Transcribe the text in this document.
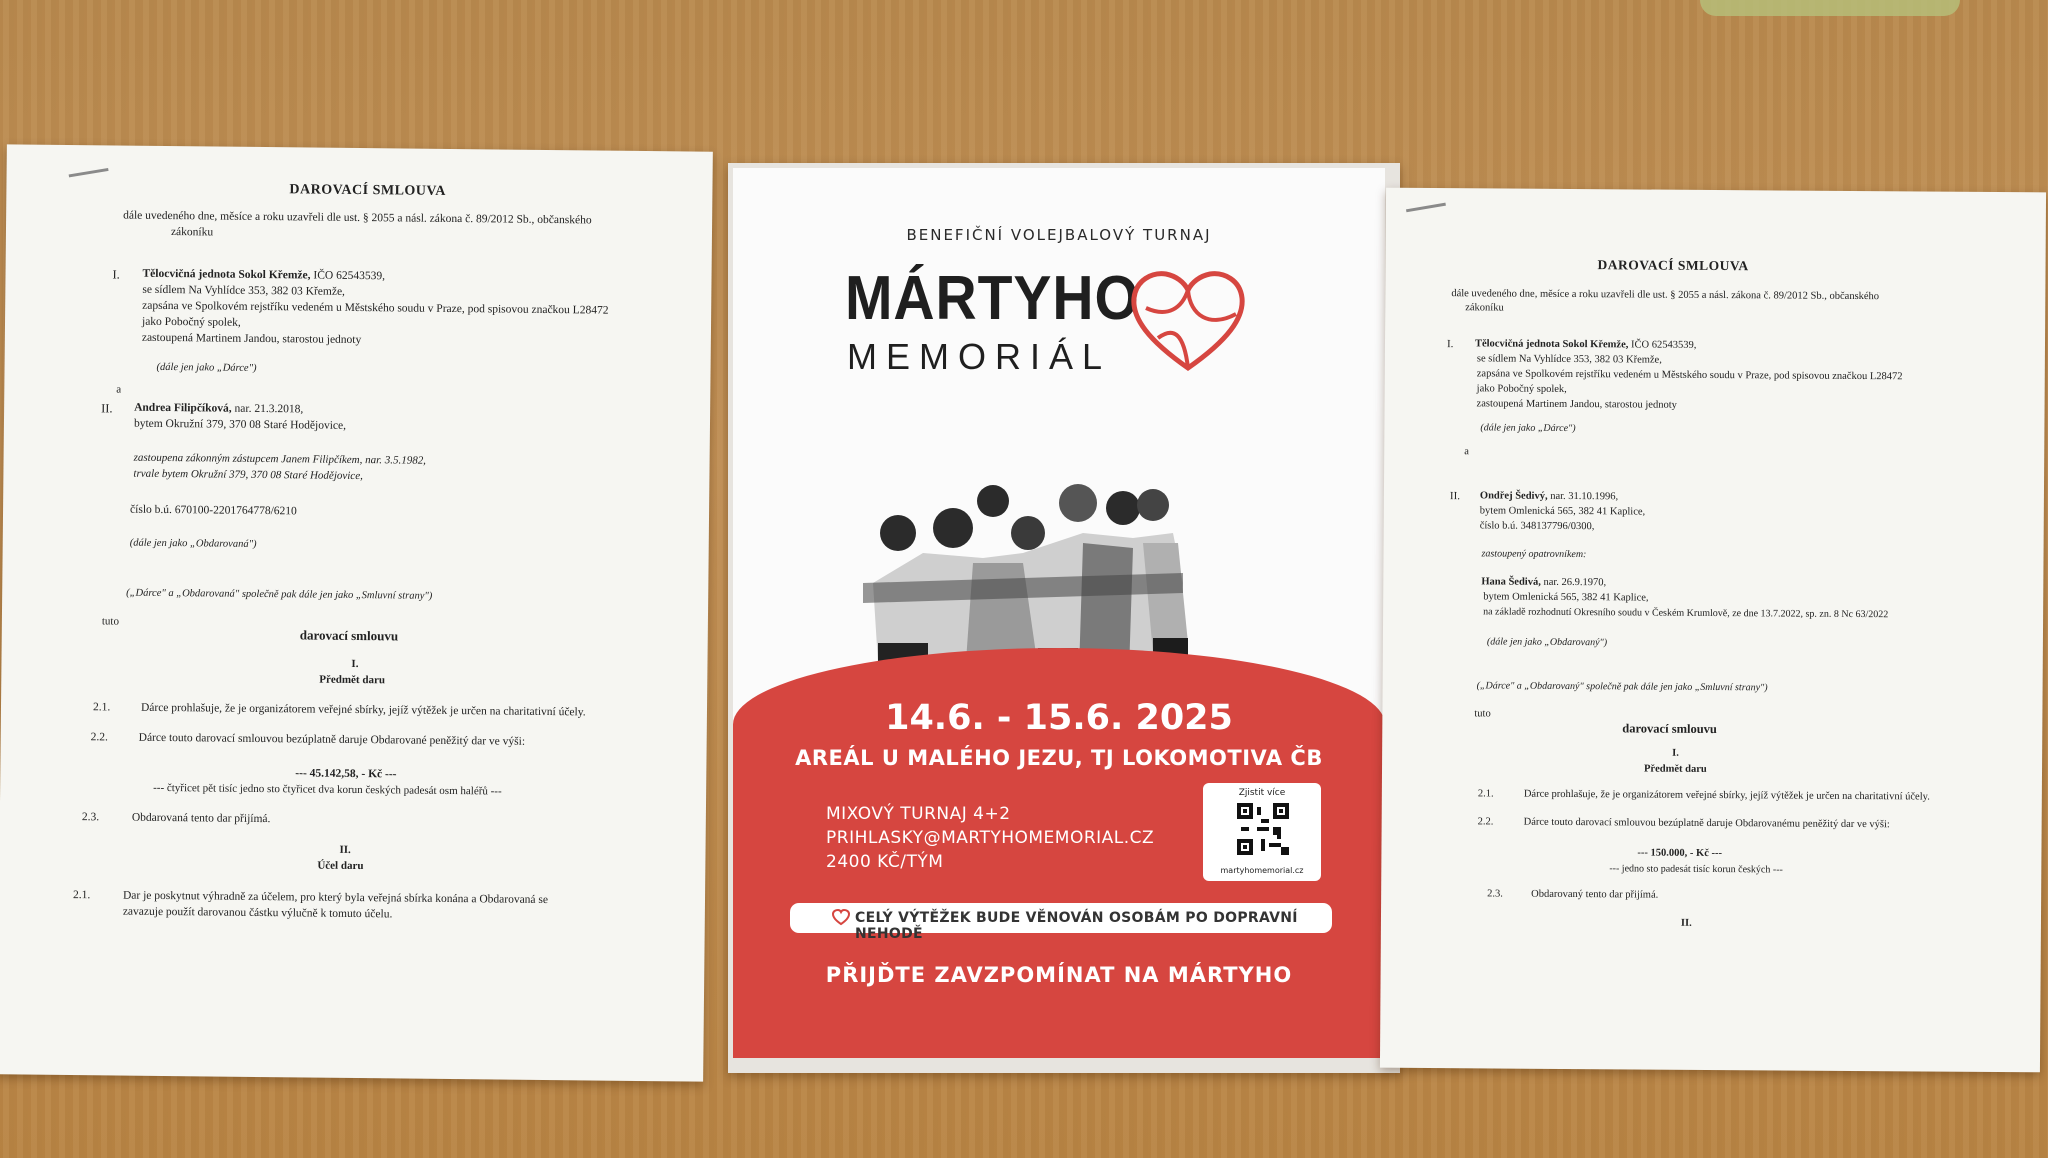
DAROVACÍ SMLOUVA
dále uvedeného dne, měsíce a roku uzavřeli dle ust. § 2055 a násl. zákona č. 89/2012 Sb., občanského
zákoníku
I. Tělocvičná jednota Sokol Křemže, IČO 62543539,
se sídlem Na Vyhlídce 353, 382 03 Křemže,
zapsána ve Spolkovém rejstříku vedeném u Městského soudu v Praze, pod spisovou značkou L28472
jako Pobočný spolek,
zastoupená Martinem Jandou, starostou jednoty
(dále jen jako „Dárce")
a
II. Andrea Filipčíková, nar. 21.3.2018,
bytem Okružní 379, 370 08 Staré Hodějovice,
zastoupena zákonným zástupcem Janem Filipčíkem, nar. 3.5.1982,
trvale bytem Okružní 379, 370 08 Staré Hodějovice,
číslo b.ú. 670100-2201764778/6210
(dále jen jako „Obdarovaná")
(„Dárce" a „Obdarovaná" společně pak dále jen jako „Smluvní strany")
tuto
darovací smlouvu
I.
Předmět daru
2.1.	Dárce prohlašuje, že je organizátorem veřejné sbírky, jejíž výtěžek je určen na charitativní účely.
2.2.	Dárce touto darovací smlouvou bezúplatně daruje Obdarované peněžitý dar ve výši:
--- 45.142,58, - Kč ---
--- čtyřicet pět tisíc jedno sto čtyřicet dva korun českých padesát osm haléřů ---
2.3.	Obdarovaná tento dar přijímá.
II.
Účel daru
2.1.	Dar je poskytnut výhradně za účelem, pro který byla veřejná sbírka konána a Obdarovaná se
zavazuje použít darovanou částku výlučně k tomuto účelu.
BENEFIČNÍ VOLEJBALOVÝ TURNAJ
MÁRTYHO
MEMORIÁL
14.6. - 15.6. 2025
AREÁL U MALÉHO JEZU, TJ LOKOMOTIVA ČB
MIXOVÝ TURNAJ 4+2
PRIHLASKY@MARTYHOMEMORIAL.CZ
2400 KČ/TÝM
Zjistit více
martyhomemorial.cz
CELÝ VÝTĚŽEK BUDE VĚNOVÁN OSOBÁM PO DOPRAVNÍ NEHODĚ
PŘIJĎTE ZAVZPOMÍNAT NA MÁRTYHO
DAROVACÍ SMLOUVA
dále uvedeného dne, měsíce a roku uzavřeli dle ust. § 2055 a násl. zákona č. 89/2012 Sb., občanského
zákoníku
I. Tělocvičná jednota Sokol Křemže, IČO 62543539,
se sídlem Na Vyhlídce 353, 382 03 Křemže,
zapsána ve Spolkovém rejstříku vedeném u Městského soudu v Praze, pod spisovou značkou L28472
jako Pobočný spolek,
zastoupená Martinem Jandou, starostou jednoty
(dále jen jako „Dárce")
a
II. Ondřej Šedivý, nar. 31.10.1996,
bytem Omlenická 565, 382 41 Kaplice,
číslo b.ú. 348137796/0300,
zastoupený opatrovníkem:
Hana Šedivá, nar. 26.9.1970,
bytem Omlenická 565, 382 41 Kaplice,
na základě rozhodnutí Okresního soudu v Českém Krumlově, ze dne 13.7.2022, sp. zn. 8 Nc 63/2022
(dále jen jako „Obdarovaný")
(„Dárce" a „Obdarovaný" společně pak dále jen jako „Smluvní strany")
tuto
darovací smlouvu
I.
Předmět daru
2.1.	Dárce prohlašuje, že je organizátorem veřejné sbírky, jejíž výtěžek je určen na charitativní účely.
2.2.	Dárce touto darovací smlouvou bezúplatně daruje Obdarovanému peněžitý dar ve výši:
--- 150.000, - Kč ---
--- jedno sto padesát tisíc korun českých ---
2.3.	Obdarovaný tento dar přijímá.
II.
